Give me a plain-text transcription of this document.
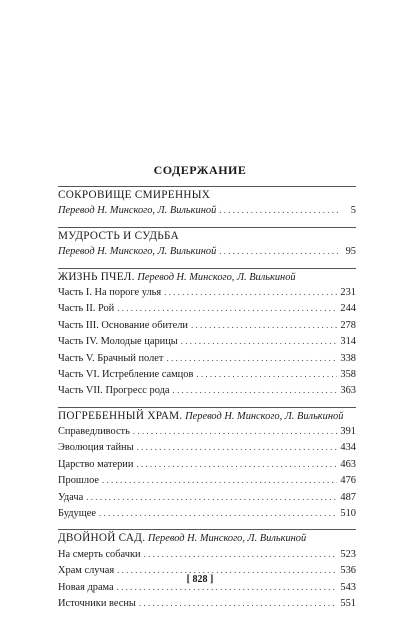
СОДЕРЖАНИЕ
СОКРОВИЩЕ СМИРЕННЫХ
Перевод Н. Минского, Л. Вилькиной . . .	5
МУДРОСТЬ И СУДЬБА
Перевод Н. Минского, Л. Вилькиной . . .	95
ЖИЗНЬ ПЧЕЛ.
Перевод Н. Минского, Л. Вилькиной
Часть I. На пороге улья . . .	231
Часть II. Рой . . .	244
Часть III. Основание обители . . .	278
Часть IV. Молодые царицы . . .	314
Часть V. Брачный полет . . .	338
Часть VI. Истребление самцов . . .	358
Часть VII. Прогресс рода . . .	363
ПОГРЕБЕННЫЙ ХРАМ.
Перевод Н. Минского, Л. Вилькиной
Справедливость . . .	391
Эволюция тайны . . .	434
Царство материи . . .	463
Прошлое . . .	476
Удача . . .	487
Будущее . . .	510
ДВОЙНОЙ САД.
Перевод Н. Минского, Л. Вилькиной
На смерть собачки . . .	523
Храм случая . . .	536
Новая драма . . .	543
Источники весны . . .	551
[ 828 ]
